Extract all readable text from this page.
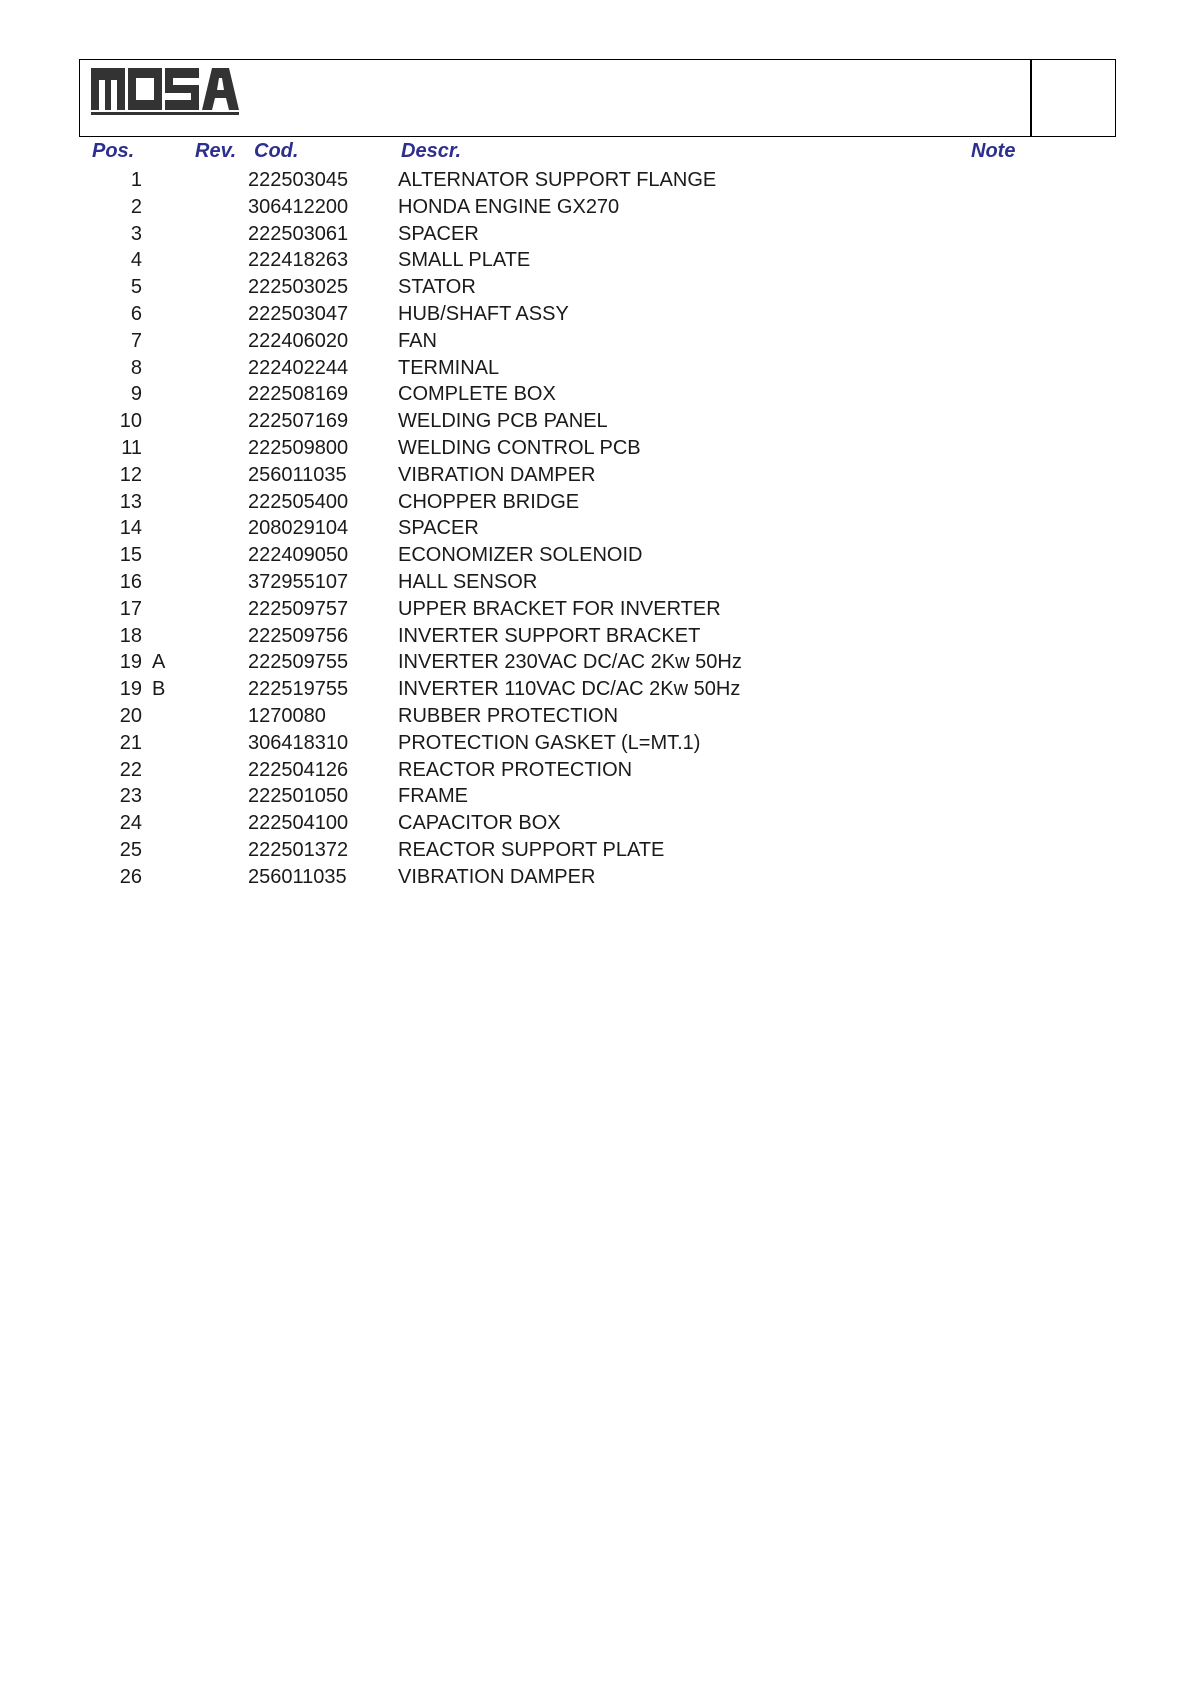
Pos.	Rev. Cod.	Descr.	Note
1	222503045 ALTERNATOR SUPPORT FLANGE
2	306412200 HONDA ENGINE GX270
3	222503061 SPACER
4	222418263 SMALL PLATE
5	222503025 STATOR
6	222503047 HUB/SHAFT ASSY
7	222406020 FAN
8	222402244 TERMINAL
9	222508169 COMPLETE BOX
10	222507169 WELDING PCB PANEL
11	222509800 WELDING CONTROL PCB
12	256011035	VIBRATION DAMPER
13	222505400 CHOPPER BRIDGE
14	208029104 SPACER
15	222409050 ECONOMIZER SOLENOID
16	372955107 HALL SENSOR
17	222509757 UPPER BRACKET FOR INVERTER
18	222509756 INVERTER SUPPORT BRACKET
19 A	222509755 INVERTER 230VAC DC/AC 2Kw 50Hz
19 B	222519755 INVERTER 110VAC DC/AC 2Kw 50Hz
20	1270080	RUBBER PROTECTION
21	306418310 PROTECTION GASKET (L=MT.1)
22	222504126 REACTOR PROTECTION
23	222501050 FRAME
24	222504100 CAPACITOR BOX
25	222501372 REACTOR SUPPORT PLATE
26	256011035	VIBRATION DAMPER
